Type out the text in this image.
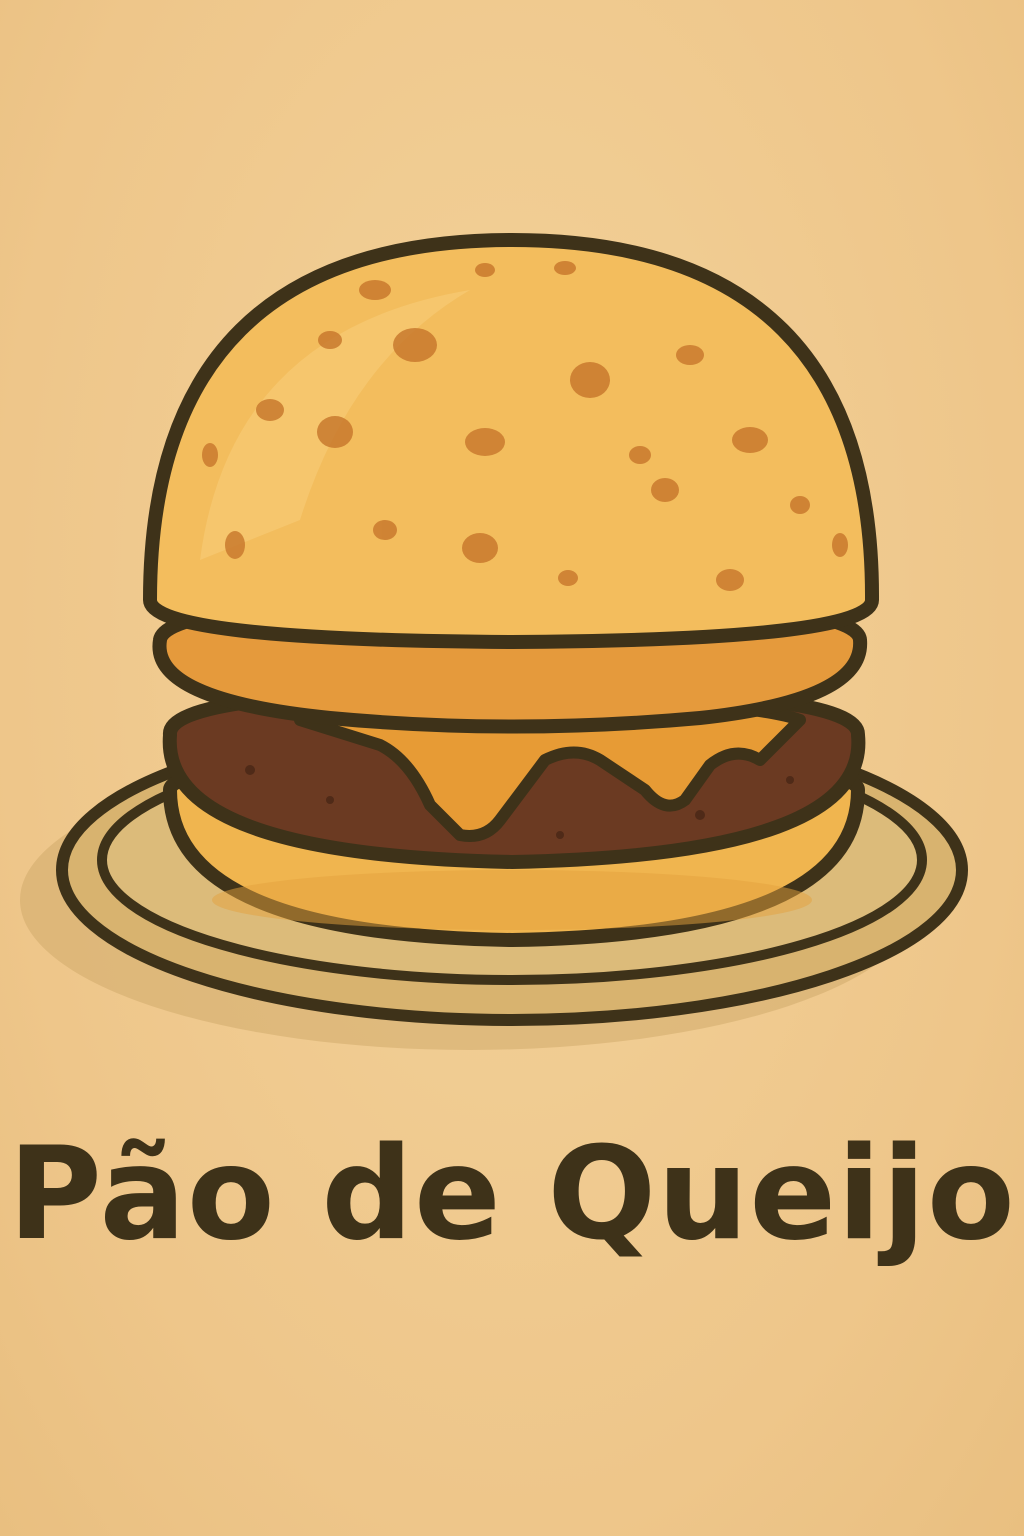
Pão de Queijo
